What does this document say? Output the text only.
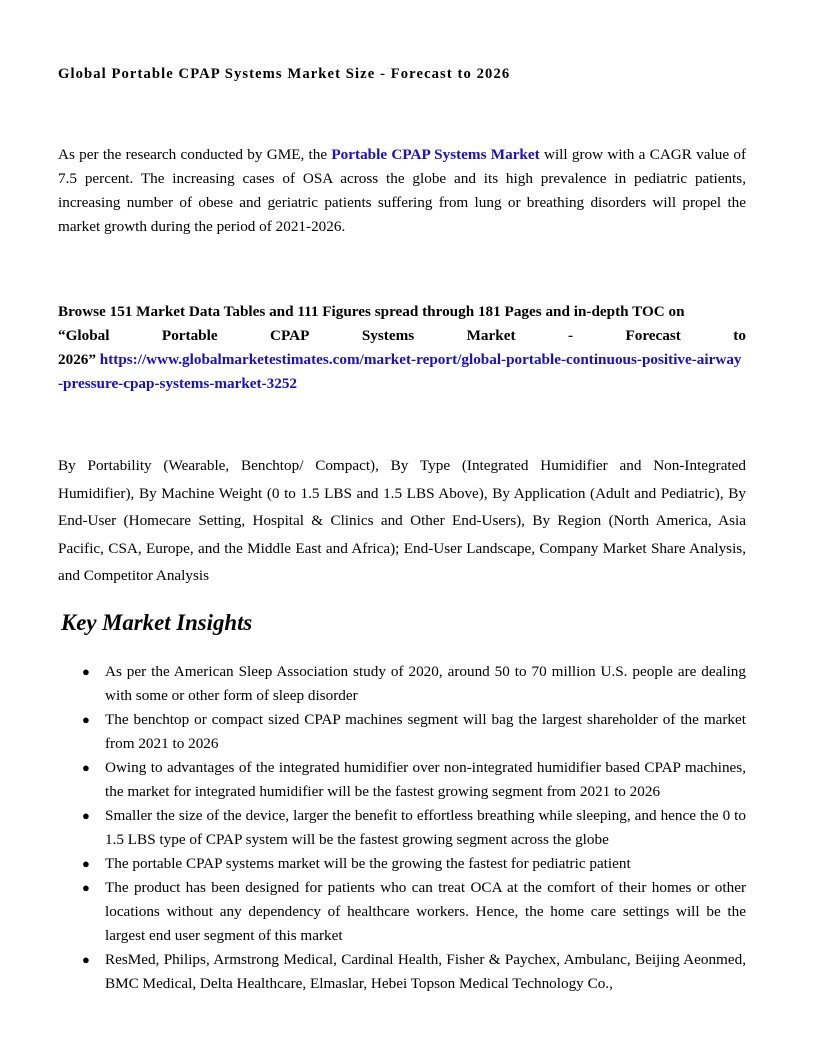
Global Portable CPAP Systems Market Size - Forecast to 2026

As per the research conducted by GME, the Portable CPAP Systems Market will grow with a CAGR value of 7.5 percent. The increasing cases of OSA across the globe and its high prevalence in pediatric patients, increasing number of obese and geriatric patients suffering from lung or breathing disorders will propel the market growth during the period of 2021-2026.

Browse 151 Market Data Tables and 111 Figures spread through 181 Pages and in-depth TOC on
“Global	Portable	CPAP	Systems	Market	-	Forecast	to
2026” https://www.globalmarketestimates.com/market-report/global-portable-continuous-positive-airway-pressure-cpap-systems-market-3252

By Portability (Wearable, Benchtop/ Compact), By Type (Integrated Humidifier and Non-Integrated Humidifier), By Machine Weight (0 to 1.5 LBS and 1.5 LBS Above), By Application (Adult and Pediatric), By End-User (Homecare Setting, Hospital & Clinics and Other End-Users), By Region (North America, Asia Pacific, CSA, Europe, and the Middle East and Africa); End-User Landscape, Company Market Share Analysis, and Competitor Analysis

Key Market Insights
● As per the American Sleep Association study of 2020, around 50 to 70 million U.S. people are dealing with some or other form of sleep disorder
● The benchtop or compact sized CPAP machines segment will bag the largest shareholder of the market from 2021 to 2026
● Owing to advantages of the integrated humidifier over non-integrated humidifier based CPAP machines, the market for integrated humidifier will be the fastest growing segment from 2021 to 2026
● Smaller the size of the device, larger the benefit to effortless breathing while sleeping, and hence the 0 to 1.5 LBS type of CPAP system will be the fastest growing segment across the globe
● The portable CPAP systems market will be the growing the fastest for pediatric patient
● The product has been designed for patients who can treat OCA at the comfort of their homes or other locations without any dependency of healthcare workers. Hence, the home care settings will be the largest end user segment of this market
● ResMed, Philips, Armstrong Medical, Cardinal Health, Fisher & Paychex, Ambulanc, Beijing Aeonmed, BMC Medical, Delta Healthcare, Elmaslar, Hebei Topson Medical Technology Co.,
